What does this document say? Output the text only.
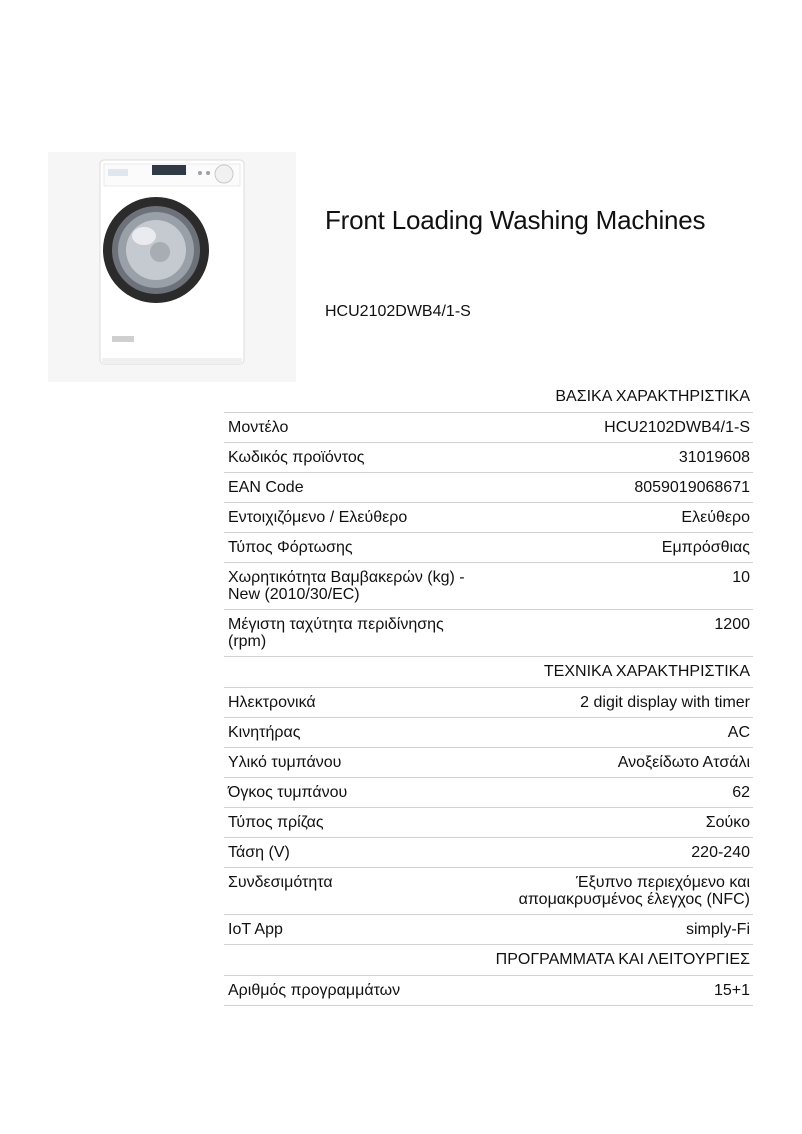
Front Loading Washing Machines
HCU2102DWB4/1-S
	ΒΑΣΙΚΑ ΧΑΡΑΚΤΗΡΙΣΤΙΚΑ
Μοντέλο	HCU2102DWB4/1-S
Κωδικός προϊόντος	31019608
EAN Code	8059019068671
Εντοιχιζόμενο / Ελεύθερο	Ελεύθερο
Τύπος Φόρτωσης	Εμπρόσθιας
Χωρητικότητα Βαμβακερών (kg) - New (2010/30/EC)	10
Μέγιστη ταχύτητα περιδίνησης (rpm)	1200
	ΤΕΧΝΙΚΑ ΧΑΡΑΚΤΗΡΙΣΤΙΚΑ
Ηλεκτρονικά	2 digit display with timer
Κινητήρας	AC
Υλικό τυμπάνου	Ανοξείδωτο Ατσάλι
Όγκος τυμπάνου	62
Τύπος πρίζας	Σούκο
Τάση (V)	220-240
Συνδεσιμότητα	Έξυπνο περιεχόμενο και απομακρυσμένος έλεγχος (NFC)
IoT App	simply-Fi
	ΠΡΟΓΡΑΜΜΑΤΑ ΚΑΙ ΛΕΙΤΟΥΡΓΙΕΣ
Αριθμός προγραμμάτων	15+1
